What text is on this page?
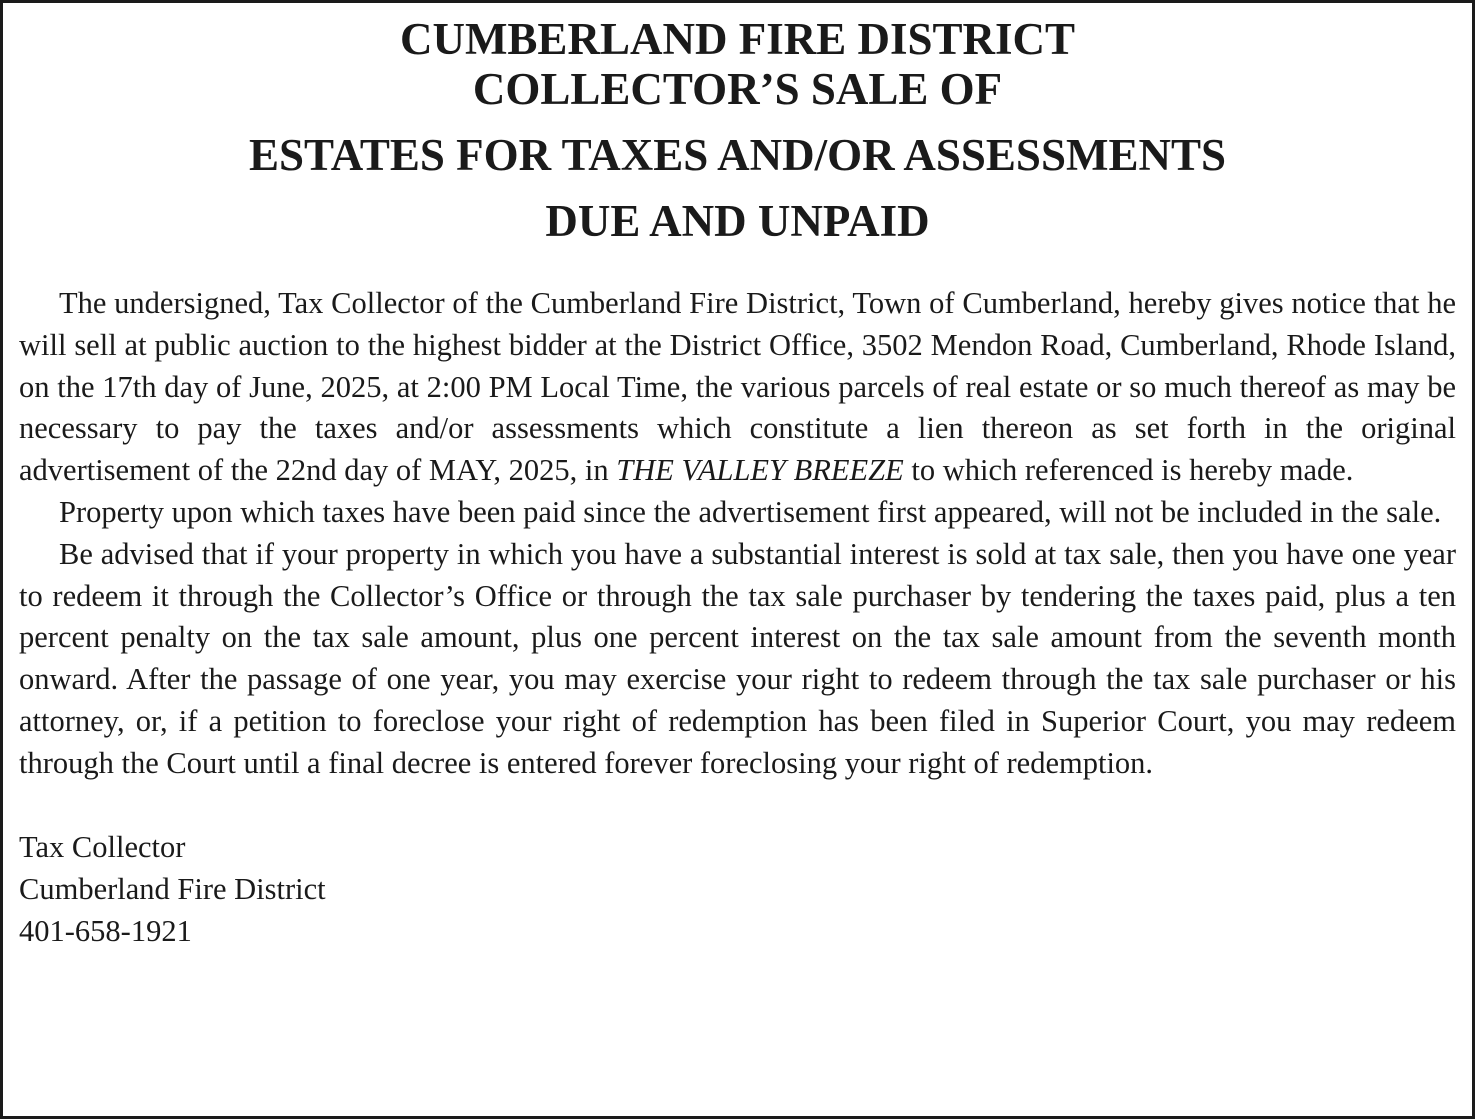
CUMBERLAND FIRE DISTRICT
COLLECTOR’S SALE OF
ESTATES FOR TAXES AND/OR ASSESSMENTS
DUE AND UNPAID

The undersigned, Tax Collector of the Cumberland Fire District, Town of Cumberland, hereby gives notice that he will sell at public auction to the highest bidder at the District Office, 3502 Mendon Road, Cumberland, Rhode Island, on the 17th day of June, 2025, at 2:00 PM Local Time, the various parcels of real estate or so much thereof as may be necessary to pay the taxes and/or assessments which constitute a lien thereon as set forth in the original advertisement of the 22nd day of MAY, 2025, in THE VALLEY BREEZE to which referenced is hereby made.

Property upon which taxes have been paid since the advertisement first appeared, will not be included in the sale.

Be advised that if your property in which you have a substantial interest is sold at tax sale, then you have one year to redeem it through the Collector’s Office or through the tax sale purchaser by tendering the taxes paid, plus a ten percent penalty on the tax sale amount, plus one percent interest on the tax sale amount from the seventh month onward. After the passage of one year, you may exercise your right to redeem through the tax sale purchaser or his attorney, or, if a petition to foreclose your right of redemption has been filed in Superior Court, you may redeem through the Court until a final decree is entered forever foreclosing your right of redemption.

Tax Collector
Cumberland Fire District
401-658-1921
